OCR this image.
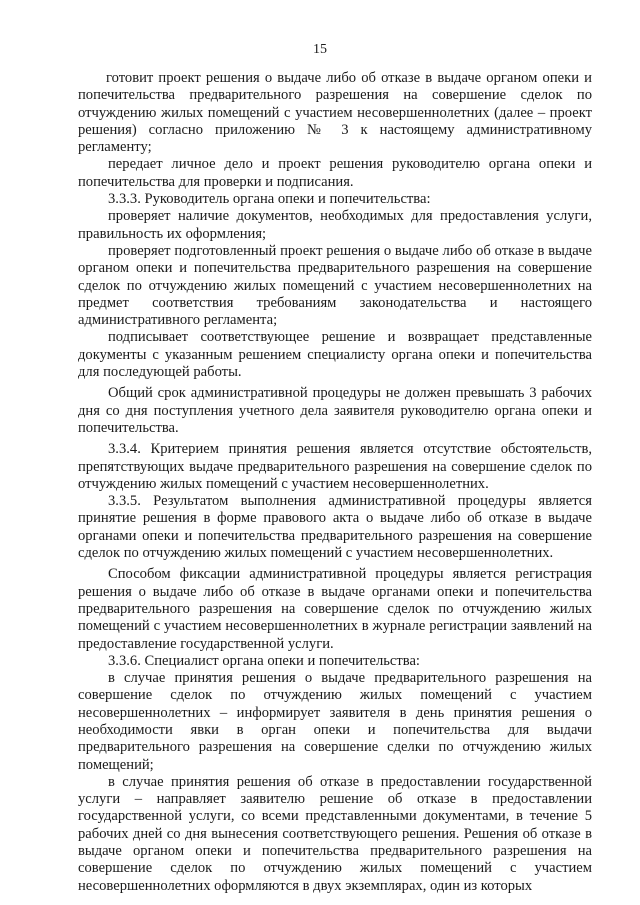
15

готовит проект решения о выдаче либо об отказе в выдаче органом опеки и попечительства предварительного разрешения на совершение сделок по отчуждению жилых помещений с участием несовершеннолетних (далее – проект решения) согласно приложению № 3 к настоящему административному регламенту;

передает личное дело и проект решения руководителю органа опеки и попечительства для проверки и подписания.

3.3.3. Руководитель органа опеки и попечительства:

проверяет наличие документов, необходимых для предоставления услуги, правильность их оформления;

проверяет подготовленный проект решения о выдаче либо об отказе в выдаче органом опеки и попечительства предварительного разрешения на совершение сделок по отчуждению жилых помещений с участием несовершеннолетних на предмет соответствия требованиям законодательства и настоящего административного регламента;

подписывает соответствующее решение и возвращает представленные документы с указанным решением специалисту органа опеки и попечительства для последующей работы.

Общий срок административной процедуры не должен превышать 3 рабочих дня со дня поступления учетного дела заявителя руководителю органа опеки и попечительства.

3.3.4. Критерием принятия решения является отсутствие обстоятельств, препятствующих выдаче предварительного разрешения на совершение сделок по отчуждению жилых помещений с участием несовершеннолетних.

3.3.5. Результатом выполнения административной процедуры является принятие решения в форме правового акта о выдаче либо об отказе в выдаче органами опеки и попечительства предварительного разрешения на совершение сделок по отчуждению жилых помещений с участием несовершеннолетних.

Способом фиксации административной процедуры является регистрация решения о выдаче либо об отказе в выдаче органами опеки и попечительства предварительного разрешения на совершение сделок по отчуждению жилых помещений с участием несовершеннолетних в журнале регистрации заявлений на предоставление государственной услуги.

3.3.6. Специалист органа опеки и попечительства:

в случае принятия решения о выдаче предварительного разрешения на совершение сделок по отчуждению жилых помещений с участием несовершеннолетних – информирует заявителя в день принятия решения о необходимости явки в орган опеки и попечительства для выдачи предварительного разрешения на совершение сделки по отчуждению жилых помещений;

в случае принятия решения об отказе в предоставлении государственной услуги – направляет заявителю решение об отказе в предоставлении государственной услуги, со всеми представленными документами, в течение 5 рабочих дней со дня вынесения соответствующего решения. Решения об отказе в выдаче органом опеки и попечительства предварительного разрешения на совершение сделок по отчуждению жилых помещений с участием несовершеннолетних оформляются в двух экземплярах, один из которых
